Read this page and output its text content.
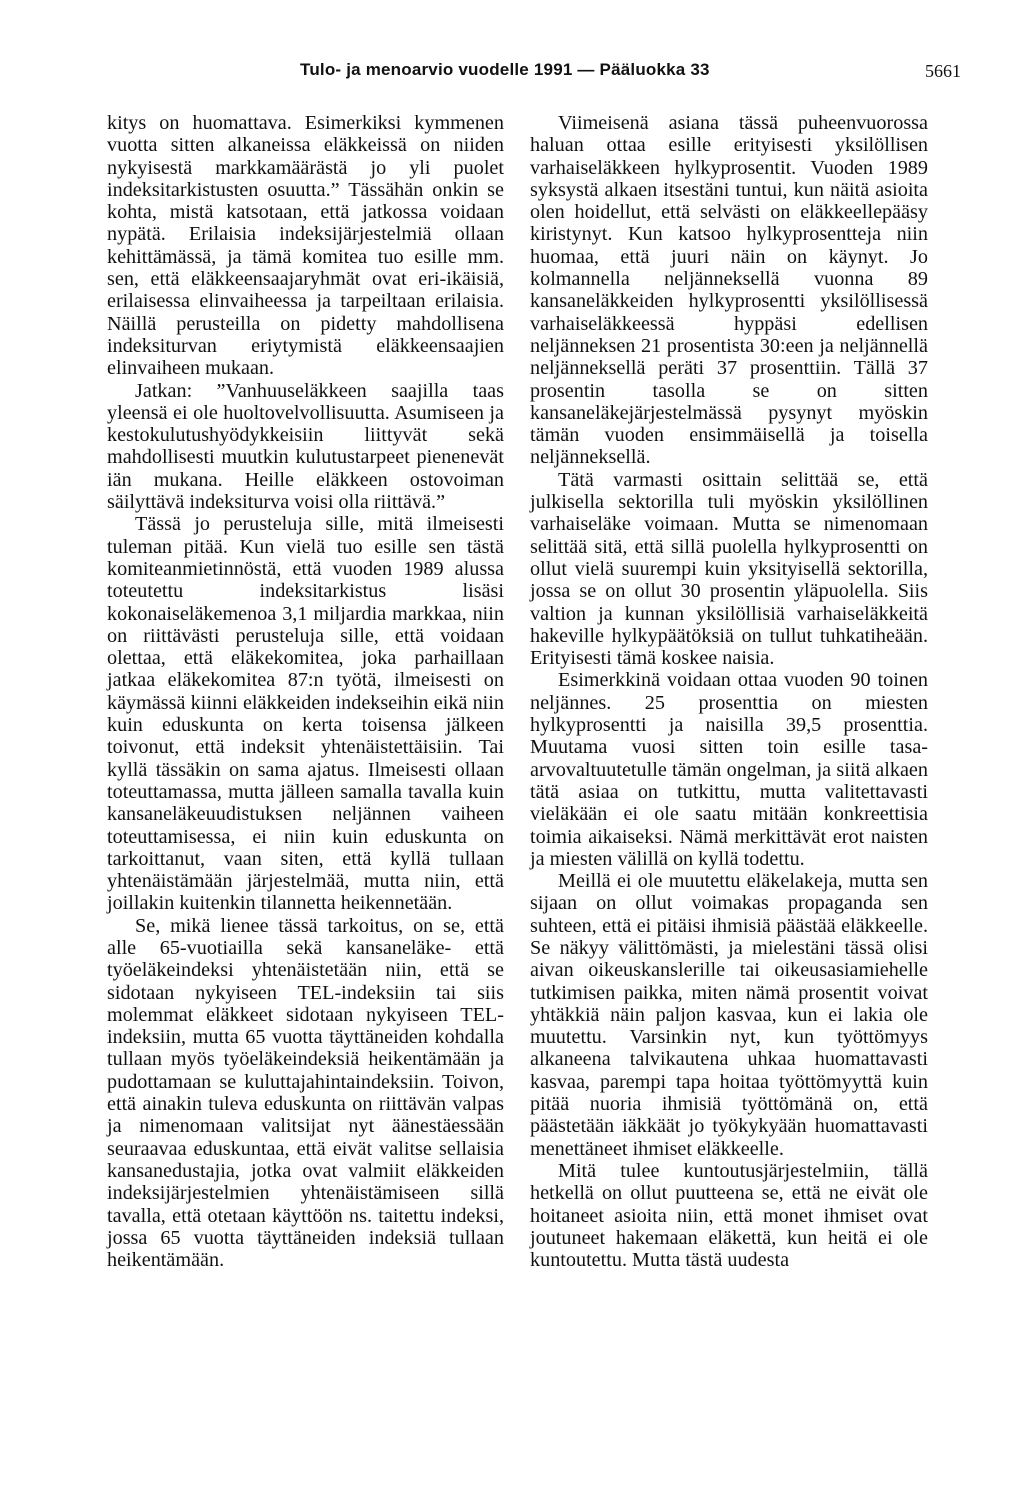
Tulo- ja menoarvio vuodelle 1991 — Pääluokka 33	5661

kitys on huomattava. Esimerkiksi kymmenen vuotta sitten alkaneissa eläkkeissä on niiden nykyisestä markkamäärästä jo yli puolet indeksitarkistusten osuutta.” Tässähän onkin se kohta, mistä katsotaan, että jatkossa voidaan nypätä. Erilaisia indeksijärjestelmiä ollaan kehittämässä, ja tämä komitea tuo esille mm. sen, että eläkkeensaajaryhmät ovat eri-ikäisiä, erilaisessa elinvaiheessa ja tarpeiltaan erilaisia. Näillä perusteilla on pidetty mahdollisena indeksiturvan eriytymistä eläkkeensaajien elinvaiheen mukaan.

Jatkan: ”Vanhuuseläkkeen saajilla taas yleensä ei ole huoltovelvollisuutta. Asumiseen ja kestokulutushyödykkeisiin liittyvät sekä mahdollisesti muutkin kulutustarpeet pienenevät iän mukana. Heille eläkkeen ostovoiman säilyttävä indeksiturva voisi olla riittävä.”

Tässä jo perusteluja sille, mitä ilmeisesti tuleman pitää. Kun vielä tuo esille sen tästä komiteanmietinnöstä, että vuoden 1989 alussa toteutettu indeksitarkistus lisäsi kokonaiseläkemenoa 3,1 miljardia markkaa, niin on riittävästi perusteluja sille, että voidaan olettaa, että eläkekomitea, joka parhaillaan jatkaa eläkekomitea 87:n työtä, ilmeisesti on käymässä kiinni eläkkeiden indekseihin eikä niin kuin eduskunta on kerta toisensa jälkeen toivonut, että indeksit yhtenäistettäisiin. Tai kyllä tässäkin on sama ajatus. Ilmeisesti ollaan toteuttamassa, mutta jälleen samalla tavalla kuin kansaneläkeuudistuksen neljännen vaiheen toteuttamisessa, ei niin kuin eduskunta on tarkoittanut, vaan siten, että kyllä tullaan yhtenäistämään järjestelmää, mutta niin, että joillakin kuitenkin tilannetta heikennetään.

Se, mikä lienee tässä tarkoitus, on se, että alle 65-vuotiailla sekä kansaneläke- että työeläkeindeksi yhtenäistetään niin, että se sidotaan nykyiseen TEL-indeksiin tai siis molemmat eläkkeet sidotaan nykyiseen TEL-indeksiin, mutta 65 vuotta täyttäneiden kohdalla tullaan myös työeläkeindeksiä heikentämään ja pudottamaan se kuluttajahintaindeksiin. Toivon, että ainakin tuleva eduskunta on riittävän valpas ja nimenomaan valitsijat nyt äänestäessään seuraavaa eduskuntaa, että eivät valitse sellaisia kansanedustajia, jotka ovat valmiit eläkkeiden indeksijärjestelmien yhtenäistämiseen sillä tavalla, että otetaan käyttöön ns. taitettu indeksi, jossa 65 vuotta täyttäneiden indeksiä tullaan heikentämään.

Viimeisenä asiana tässä puheenvuorossa haluan ottaa esille erityisesti yksilöllisen varhaiseläkkeen hylkyprosentit. Vuoden 1989 syksystä alkaen itsestäni tuntui, kun näitä asioita olen hoidellut, että selvästi on eläkkeellepääsy kiristynyt. Kun katsoo hylkyprosentteja niin huomaa, että juuri näin on käynyt. Jo kolmannella neljänneksellä vuonna 89 kansaneläkkeiden hylkyprosentti yksilöllisessä varhaiseläkkeessä hyppäsi edellisen neljänneksen 21 prosentista 30:een ja neljännellä neljänneksellä peräti 37 prosenttiin. Tällä 37 prosentin tasolla se on sitten kansaneläkejärjestelmässä pysynyt myöskin tämän vuoden ensimmäisellä ja toisella neljänneksellä.

Tätä varmasti osittain selittää se, että julkisella sektorilla tuli myöskin yksilöllinen varhaiseläke voimaan. Mutta se nimenomaan selittää sitä, että sillä puolella hylkyprosentti on ollut vielä suurempi kuin yksityisellä sektorilla, jossa se on ollut 30 prosentin yläpuolella. Siis valtion ja kunnan yksilöllisiä varhaiseläkkeitä hakeville hylkypäätöksiä on tullut tuhkatiheään. Erityisesti tämä koskee naisia.

Esimerkkinä voidaan ottaa vuoden 90 toinen neljännes. 25 prosenttia on miesten hylkyprosentti ja naisilla 39,5 prosenttia. Muutama vuosi sitten toin esille tasa-arvovaltuutetulle tämän ongelman, ja siitä alkaen tätä asiaa on tutkittu, mutta valitettavasti vieläkään ei ole saatu mitään konkreettisia toimia aikaiseksi. Nämä merkittävät erot naisten ja miesten välillä on kyllä todettu.

Meillä ei ole muutettu eläkelakeja, mutta sen sijaan on ollut voimakas propaganda sen suhteen, että ei pitäisi ihmisiä päästää eläkkeelle. Se näkyy välittömästi, ja mielestäni tässä olisi aivan oikeuskanslerille tai oikeusasiamiehelle tutkimisen paikka, miten nämä prosentit voivat yhtäkkiä näin paljon kasvaa, kun ei lakia ole muutettu. Varsinkin nyt, kun työttömyys alkaneena talvikautena uhkaa huomattavasti kasvaa, parempi tapa hoitaa työttömyyttä kuin pitää nuoria ihmisiä työttömänä on, että päästetään iäkkäät jo työkykyään huomattavasti menettäneet ihmiset eläkkeelle.

Mitä tulee kuntoutusjärjestelmiin, tällä hetkellä on ollut puutteena se, että ne eivät ole hoitaneet asioita niin, että monet ihmiset ovat joutuneet hakemaan eläkettä, kun heitä ei ole kuntoutettu. Mutta tästä uudesta
